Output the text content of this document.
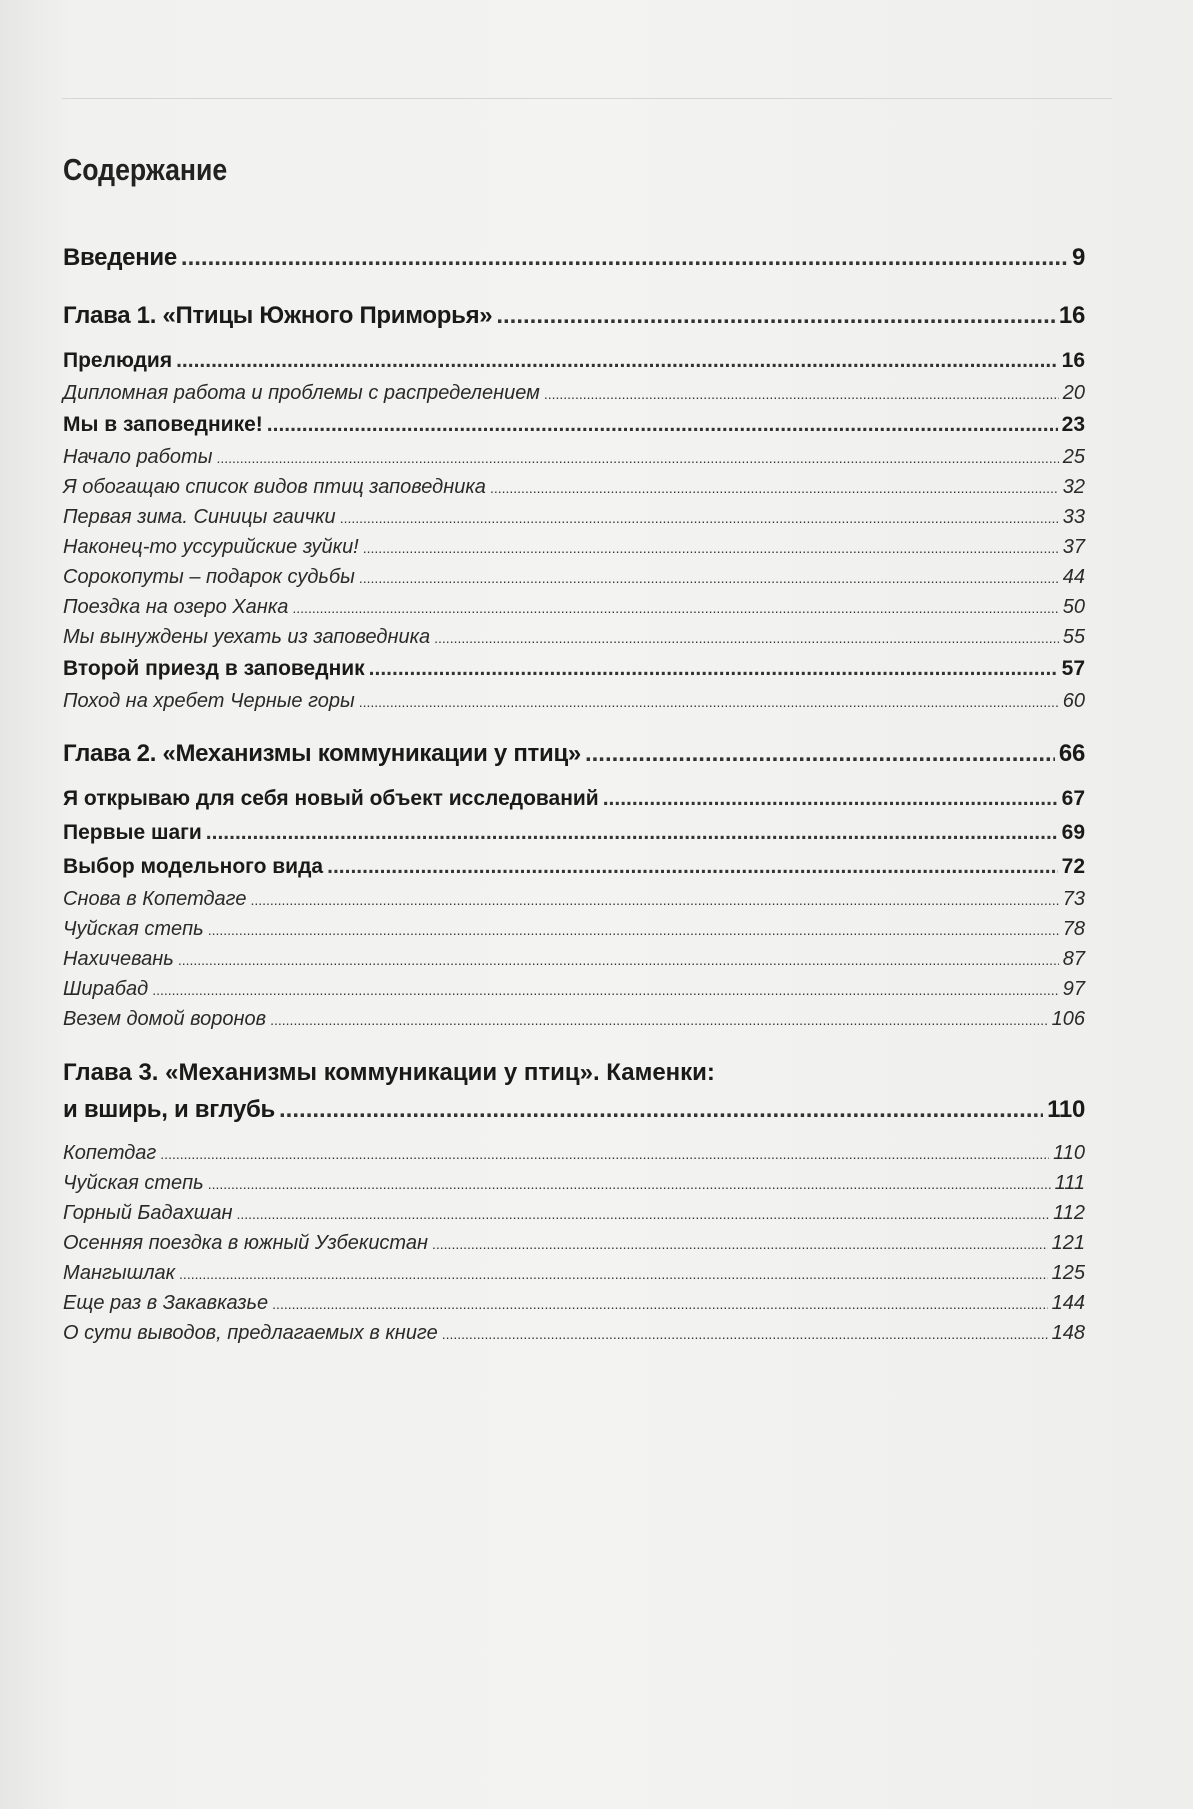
Содержание
Введение .....	9
Глава 1. «Птицы Южного Приморья» .....	16
Прелюдия .....	16
Дипломная работа и проблемы с распределением .....	20
Мы в заповеднике! .....	23
Начало работы .....	25
Я обогащаю список видов птиц заповедника .....	32
Первая зима. Синицы гаички .....	33
Наконец-то уссурийские зуйки! .....	37
Сорокопуты – подарок судьбы .....	44
Поездка на озеро Ханка .....	50
Мы вынуждены уехать из заповедника .....	55
Второй приезд в заповедник .....	57
Поход на хребет Черные горы .....	60
Глава 2. «Механизмы коммуникации у птиц» .....	66
Я открываю для себя новый объект исследований .....	67
Первые шаги .....	69
Выбор модельного вида .....	72
Снова в Копетдаге .....	73
Чуйская степь .....	78
Нахичевань .....	87
Ширабад .....	97
Везем домой воронов .....	106
Глава 3. «Механизмы коммуникации у птиц». Каменки:
и вширь, и вглубь .....	110
Копетдаг .....	110
Чуйская степь .....	111
Горный Бадахшан .....	112
Осенняя поездка в южный Узбекистан .....	121
Мангышлак .....	125
Еще раз в Закавказье .....	144
О сути выводов, предлагаемых в книге .....	148
